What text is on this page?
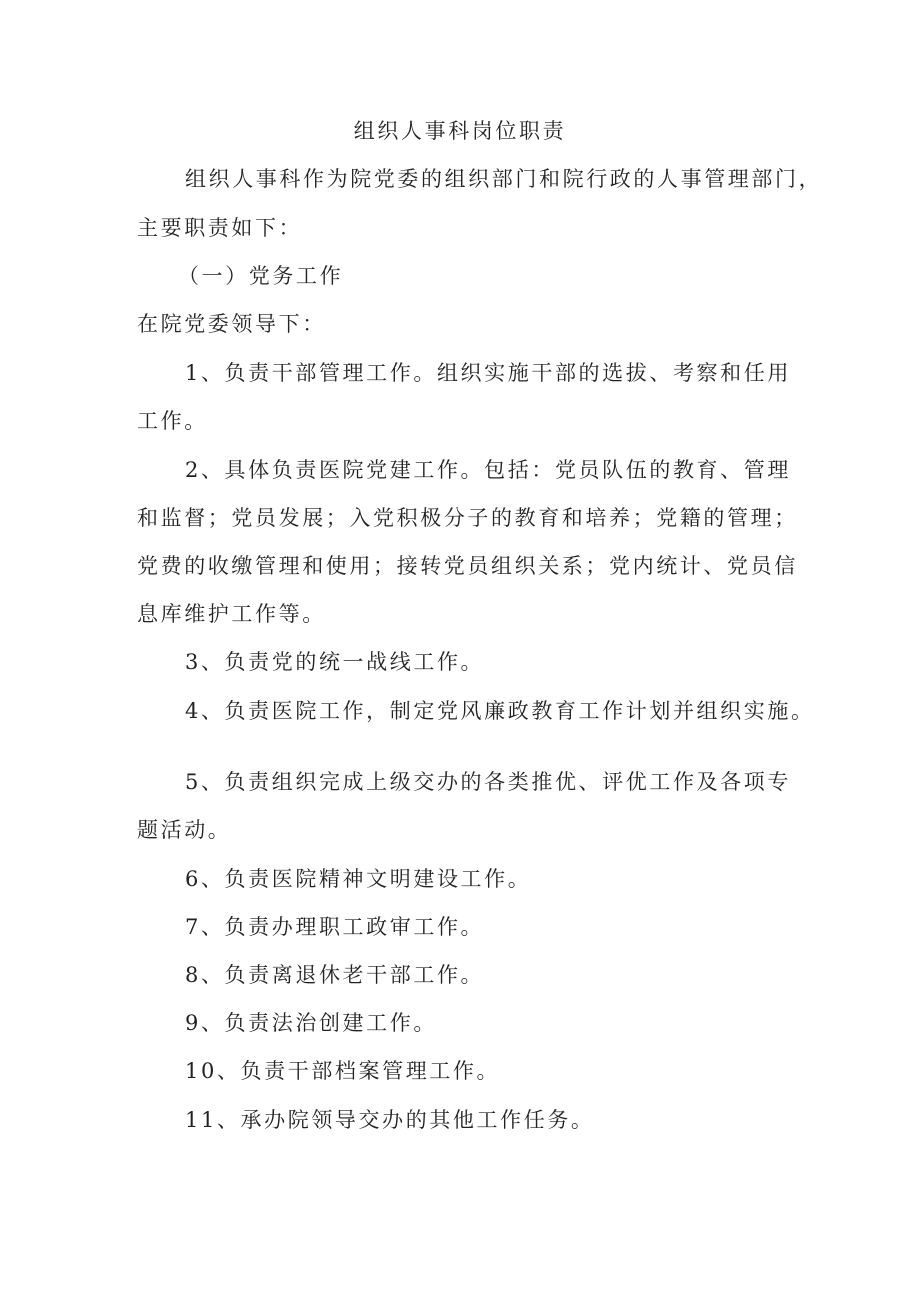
组织人事科岗位职责
组织人事科作为院党委的组织部门和院行政的人事管理部门，
主要职责如下：
（一）党务工作
在院党委领导下：
1、负责干部管理工作。组织实施干部的选拔、考察和任用
工作。
2、具体负责医院党建工作。包括：党员队伍的教育、管理
和监督；党员发展；入党积极分子的教育和培养；党籍的管理；
党费的收缴管理和使用；接转党员组织关系；党内统计、党员信
息库维护工作等。
3、负责党的统一战线工作。
4、负责医院工作，制定党风廉政教育工作计划并组织实施。
5、负责组织完成上级交办的各类推优、评优工作及各项专
题活动。
6、负责医院精神文明建设工作。
7、负责办理职工政审工作。
8、负责离退休老干部工作。
9、负责法治创建工作。
10、负责干部档案管理工作。
11、承办院领导交办的其他工作任务。
